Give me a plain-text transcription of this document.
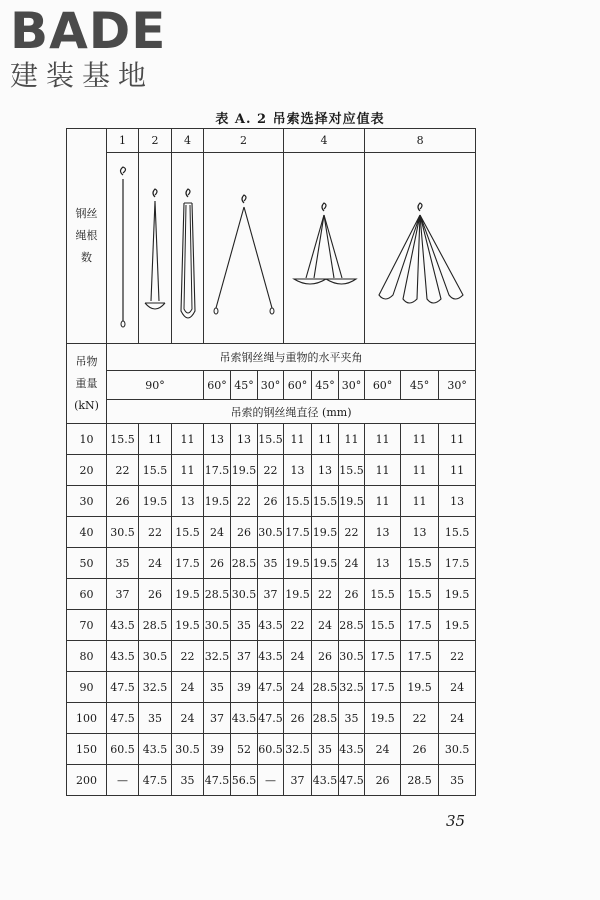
BADE
建装基地
表 A. 2 吊索选择对应值表
钢丝绳根数	1	2	4	2			4			8		

吊物重量(kN)	吊索钢丝绳与重物的水平夹角											
	90°			60°	45°	30°	60°	45°	30°	60°	45°	30°
	吊索的钢丝绳直径 (mm)											
10	15.5	11	11	13	13	15.5	11	11	11	11	11	11
20	22	15.5	11	17.5	19.5	22	13	13	15.5	11	11	11
30	26	19.5	13	19.5	22	26	15.5	15.5	19.5	11	11	13
40	30.5	22	15.5	24	26	30.5	17.5	19.5	22	13	13	15.5
50	35	24	17.5	26	28.5	35	19.5	19.5	24	13	15.5	17.5
60	37	26	19.5	28.5	30.5	37	19.5	22	26	15.5	15.5	19.5
70	43.5	28.5	19.5	30.5	35	43.5	22	24	28.5	15.5	17.5	19.5
80	43.5	30.5	22	32.5	37	43.5	24	26	30.5	17.5	17.5	22
90	47.5	32.5	24	35	39	47.5	24	28.5	32.5	17.5	19.5	24
100	47.5	35	24	37	43.5	47.5	26	28.5	35	19.5	22	24
150	60.5	43.5	30.5	39	52	60.5	32.5	35	43.5	24	26	30.5
200	—	47.5	35	47.5	56.5	—	37	43.5	47.5	26	28.5	35
35
